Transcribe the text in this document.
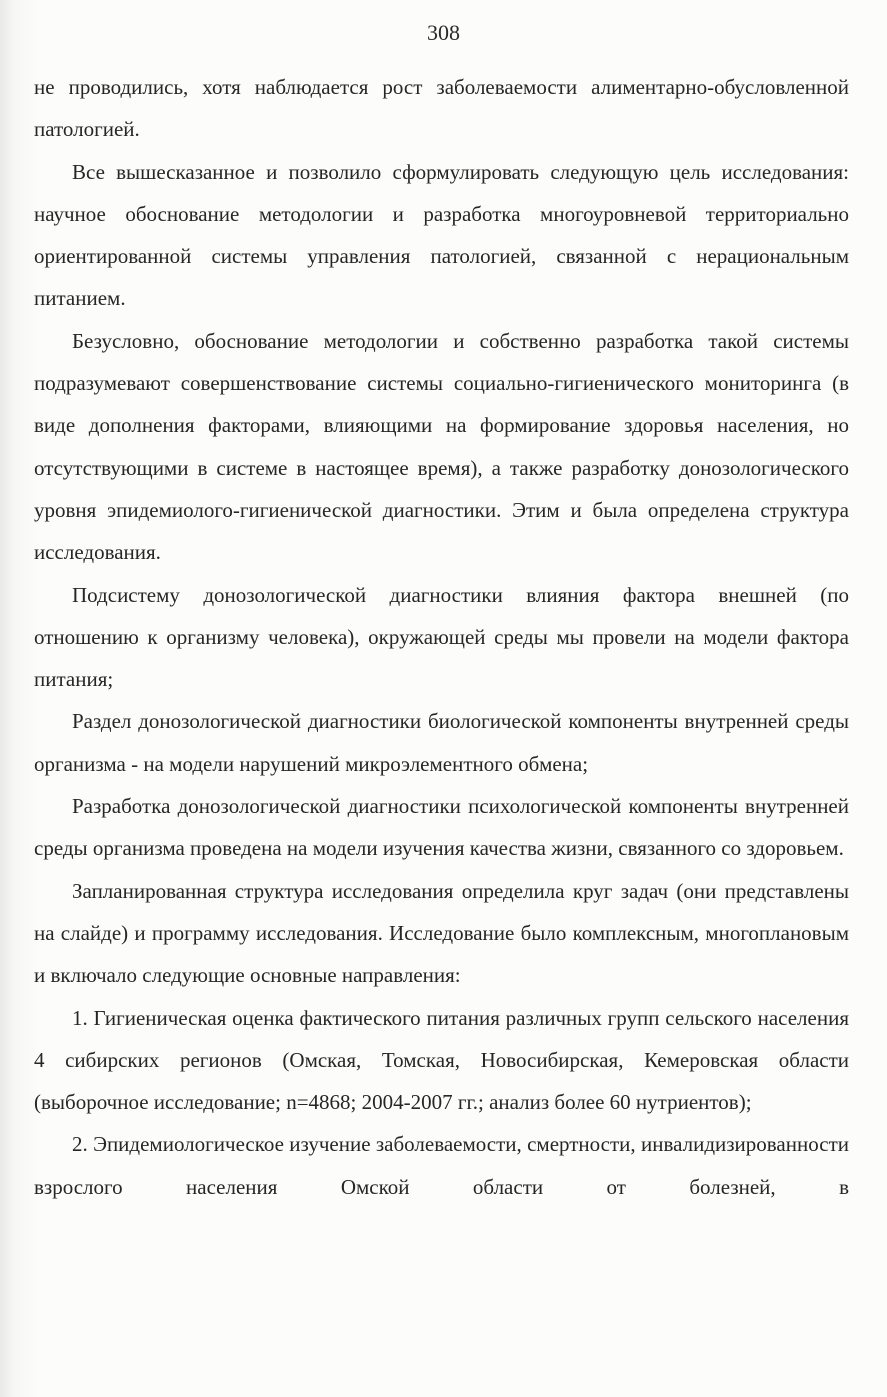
308

не проводились, хотя наблюдается рост заболеваемости алиментарно-обусловленной патологией.

Все вышесказанное и позволило сформулировать следующую цель исследования: научное обоснование методологии и разработка многоуровневой территориально ориентированной системы управления патологией, связанной с нерациональным питанием.

Безусловно, обоснование методологии и собственно разработка такой системы подразумевают совершенствование системы социально-гигиенического мониторинга (в виде дополнения факторами, влияющими на формирование здоровья населения, но отсутствующими в системе в настоящее время), а также разработку донозологического уровня эпидемиолого-гигиенической диагностики. Этим и была определена структура исследования.

Подсистему донозологической диагностики влияния фактора внешней (по отношению к организму человека), окружающей среды мы провели на модели фактора питания;

Раздел донозологической диагностики биологической компоненты внутренней среды организма - на модели нарушений микроэлементного обмена;

Разработка донозологической диагностики психологической компоненты внутренней среды организма проведена на модели изучения качества жизни, связанного со здоровьем.

Запланированная структура исследования определила круг задач (они представлены на слайде) и программу исследования. Исследование было комплексным, многоплановым и включало следующие основные направления:

1. Гигиеническая оценка фактического питания различных групп сельского населения 4 сибирских регионов (Омская, Томская, Новосибирская, Кемеровская области (выборочное исследование; n=4868; 2004-2007 гг.; анализ более 60 нутриентов);

2. Эпидемиологическое изучение заболеваемости, смертности, инвалидизированности взрослого населения Омской области от болезней, в
